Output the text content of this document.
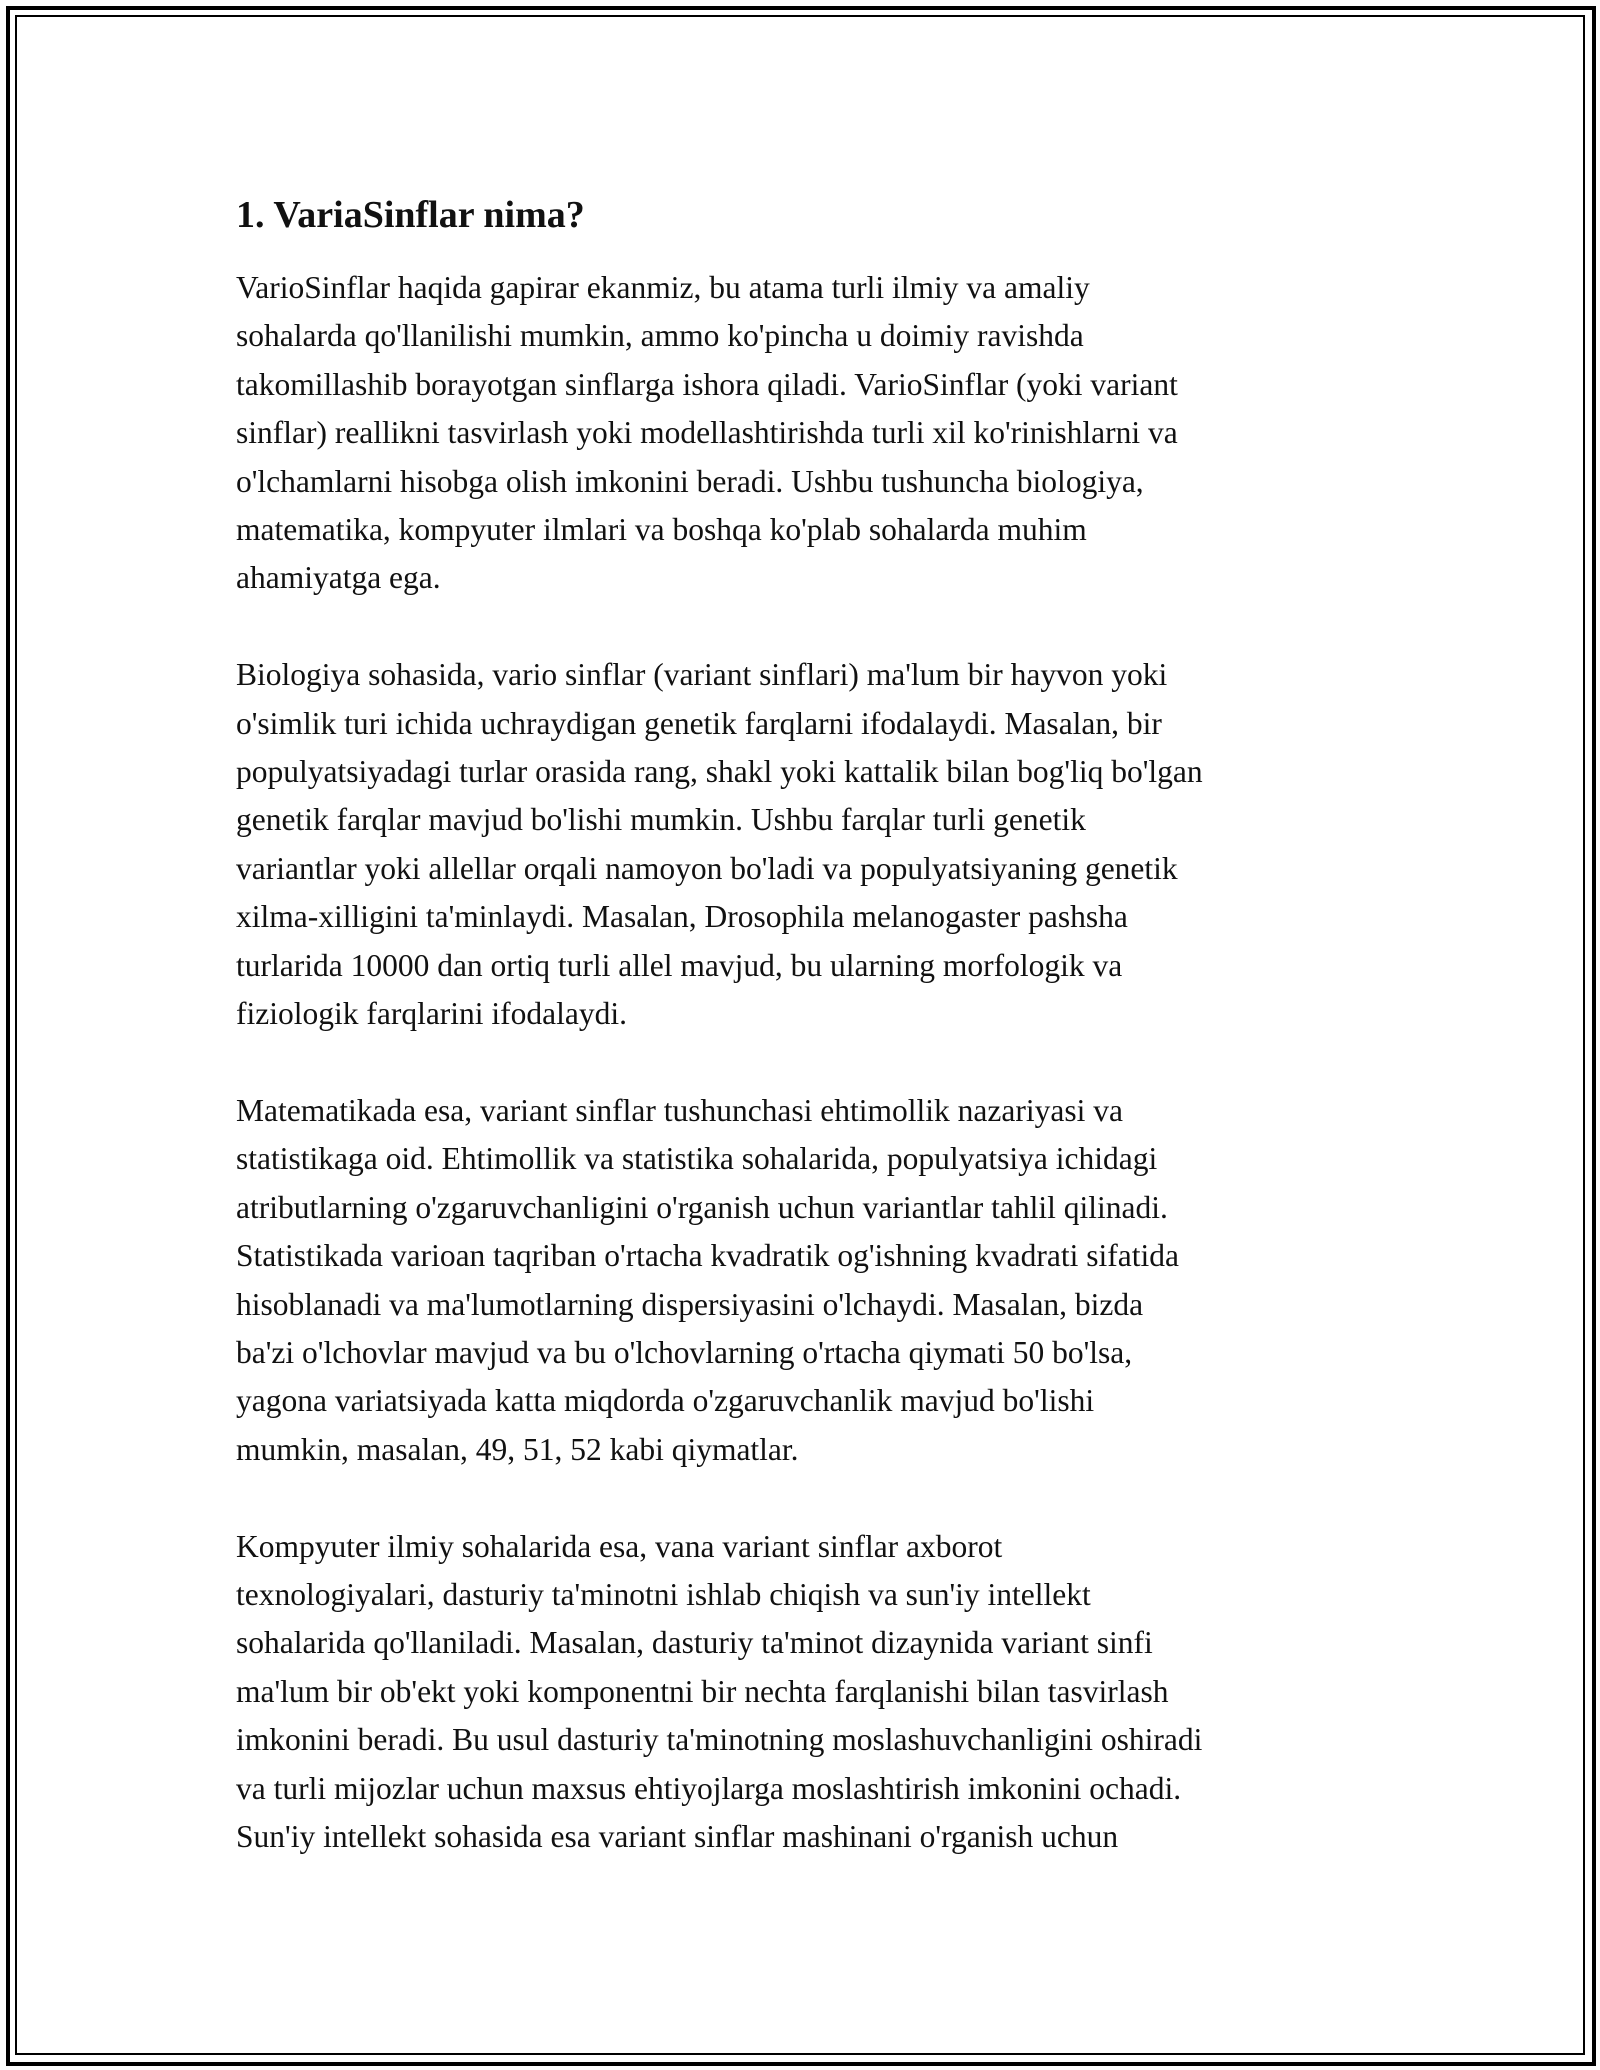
1. VariaSinflar nima?

VarioSinflar haqida gapirar ekanmiz, bu atama turli ilmiy va amaliy
sohalarda qo'llanilishi mumkin, ammo ko'pincha u doimiy ravishda
takomillashib borayotgan sinflarga ishora qiladi. VarioSinflar (yoki variant
sinflar) reallikni tasvirlash yoki modellashtirishda turli xil ko'rinishlarni va
o'lchamlarni hisobga olish imkonini beradi. Ushbu tushuncha biologiya,
matematika, kompyuter ilmlari va boshqa ko'plab sohalarda muhim
ahamiyatga ega.

Biologiya sohasida, vario sinflar (variant sinflari) ma'lum bir hayvon yoki
o'simlik turi ichida uchraydigan genetik farqlarni ifodalaydi. Masalan, bir
populyatsiyadagi turlar orasida rang, shakl yoki kattalik bilan bog'liq bo'lgan
genetik farqlar mavjud bo'lishi mumkin. Ushbu farqlar turli genetik
variantlar yoki allellar orqali namoyon bo'ladi va populyatsiyaning genetik
xilma-xilligini ta'minlaydi. Masalan, Drosophila melanogaster pashsha
turlarida 10000 dan ortiq turli allel mavjud, bu ularning morfologik va
fiziologik farqlarini ifodalaydi.

Matematikada esa, variant sinflar tushunchasi ehtimollik nazariyasi va
statistikaga oid. Ehtimollik va statistika sohalarida, populyatsiya ichidagi
atributlarning o'zgaruvchanligini o'rganish uchun variantlar tahlil qilinadi.
Statistikada varioan taqriban o'rtacha kvadratik og'ishning kvadrati sifatida
hisoblanadi va ma'lumotlarning dispersiyasini o'lchaydi. Masalan, bizda
ba'zi o'lchovlar mavjud va bu o'lchovlarning o'rtacha qiymati 50 bo'lsa,
yagona variatsiyada katta miqdorda o'zgaruvchanlik mavjud bo'lishi
mumkin, masalan, 49, 51, 52 kabi qiymatlar.

Kompyuter ilmiy sohalarida esa, vana variant sinflar axborot
texnologiyalari, dasturiy ta'minotni ishlab chiqish va sun'iy intellekt
sohalarida qo'llaniladi. Masalan, dasturiy ta'minot dizaynida variant sinfi
ma'lum bir ob'ekt yoki komponentni bir nechta farqlanishi bilan tasvirlash
imkonini beradi. Bu usul dasturiy ta'minotning moslashuvchanligini oshiradi
va turli mijozlar uchun maxsus ehtiyojlarga moslashtirish imkonini ochadi.
Sun'iy intellekt sohasida esa variant sinflar mashinani o'rganish uchun
